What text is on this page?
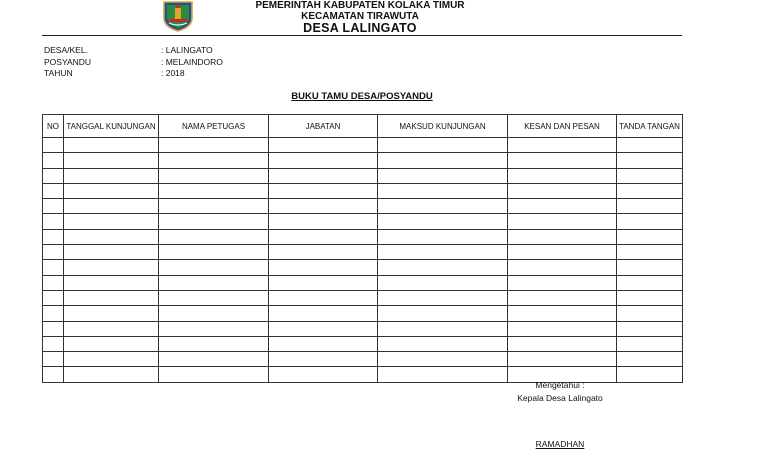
PEMERINTAH KABUPATEN KOLAKA TIMUR
KECAMATAN TIRAWUTA
DESA LALINGATO
DESA/KEL.	: LALINGATO
POSYANDU	: MELAINDORO
TAHUN	: 2018
BUKU TAMU DESA/POSYANDU
NO	TANGGAL KUNJUNGAN	NAMA PETUGAS	JABATAN	MAKSUD KUNJUNGAN	KESAN DAN PESAN	TANDA TANGAN

Mengetahui :
Kepala Desa Lalingato
RAMADHAN
